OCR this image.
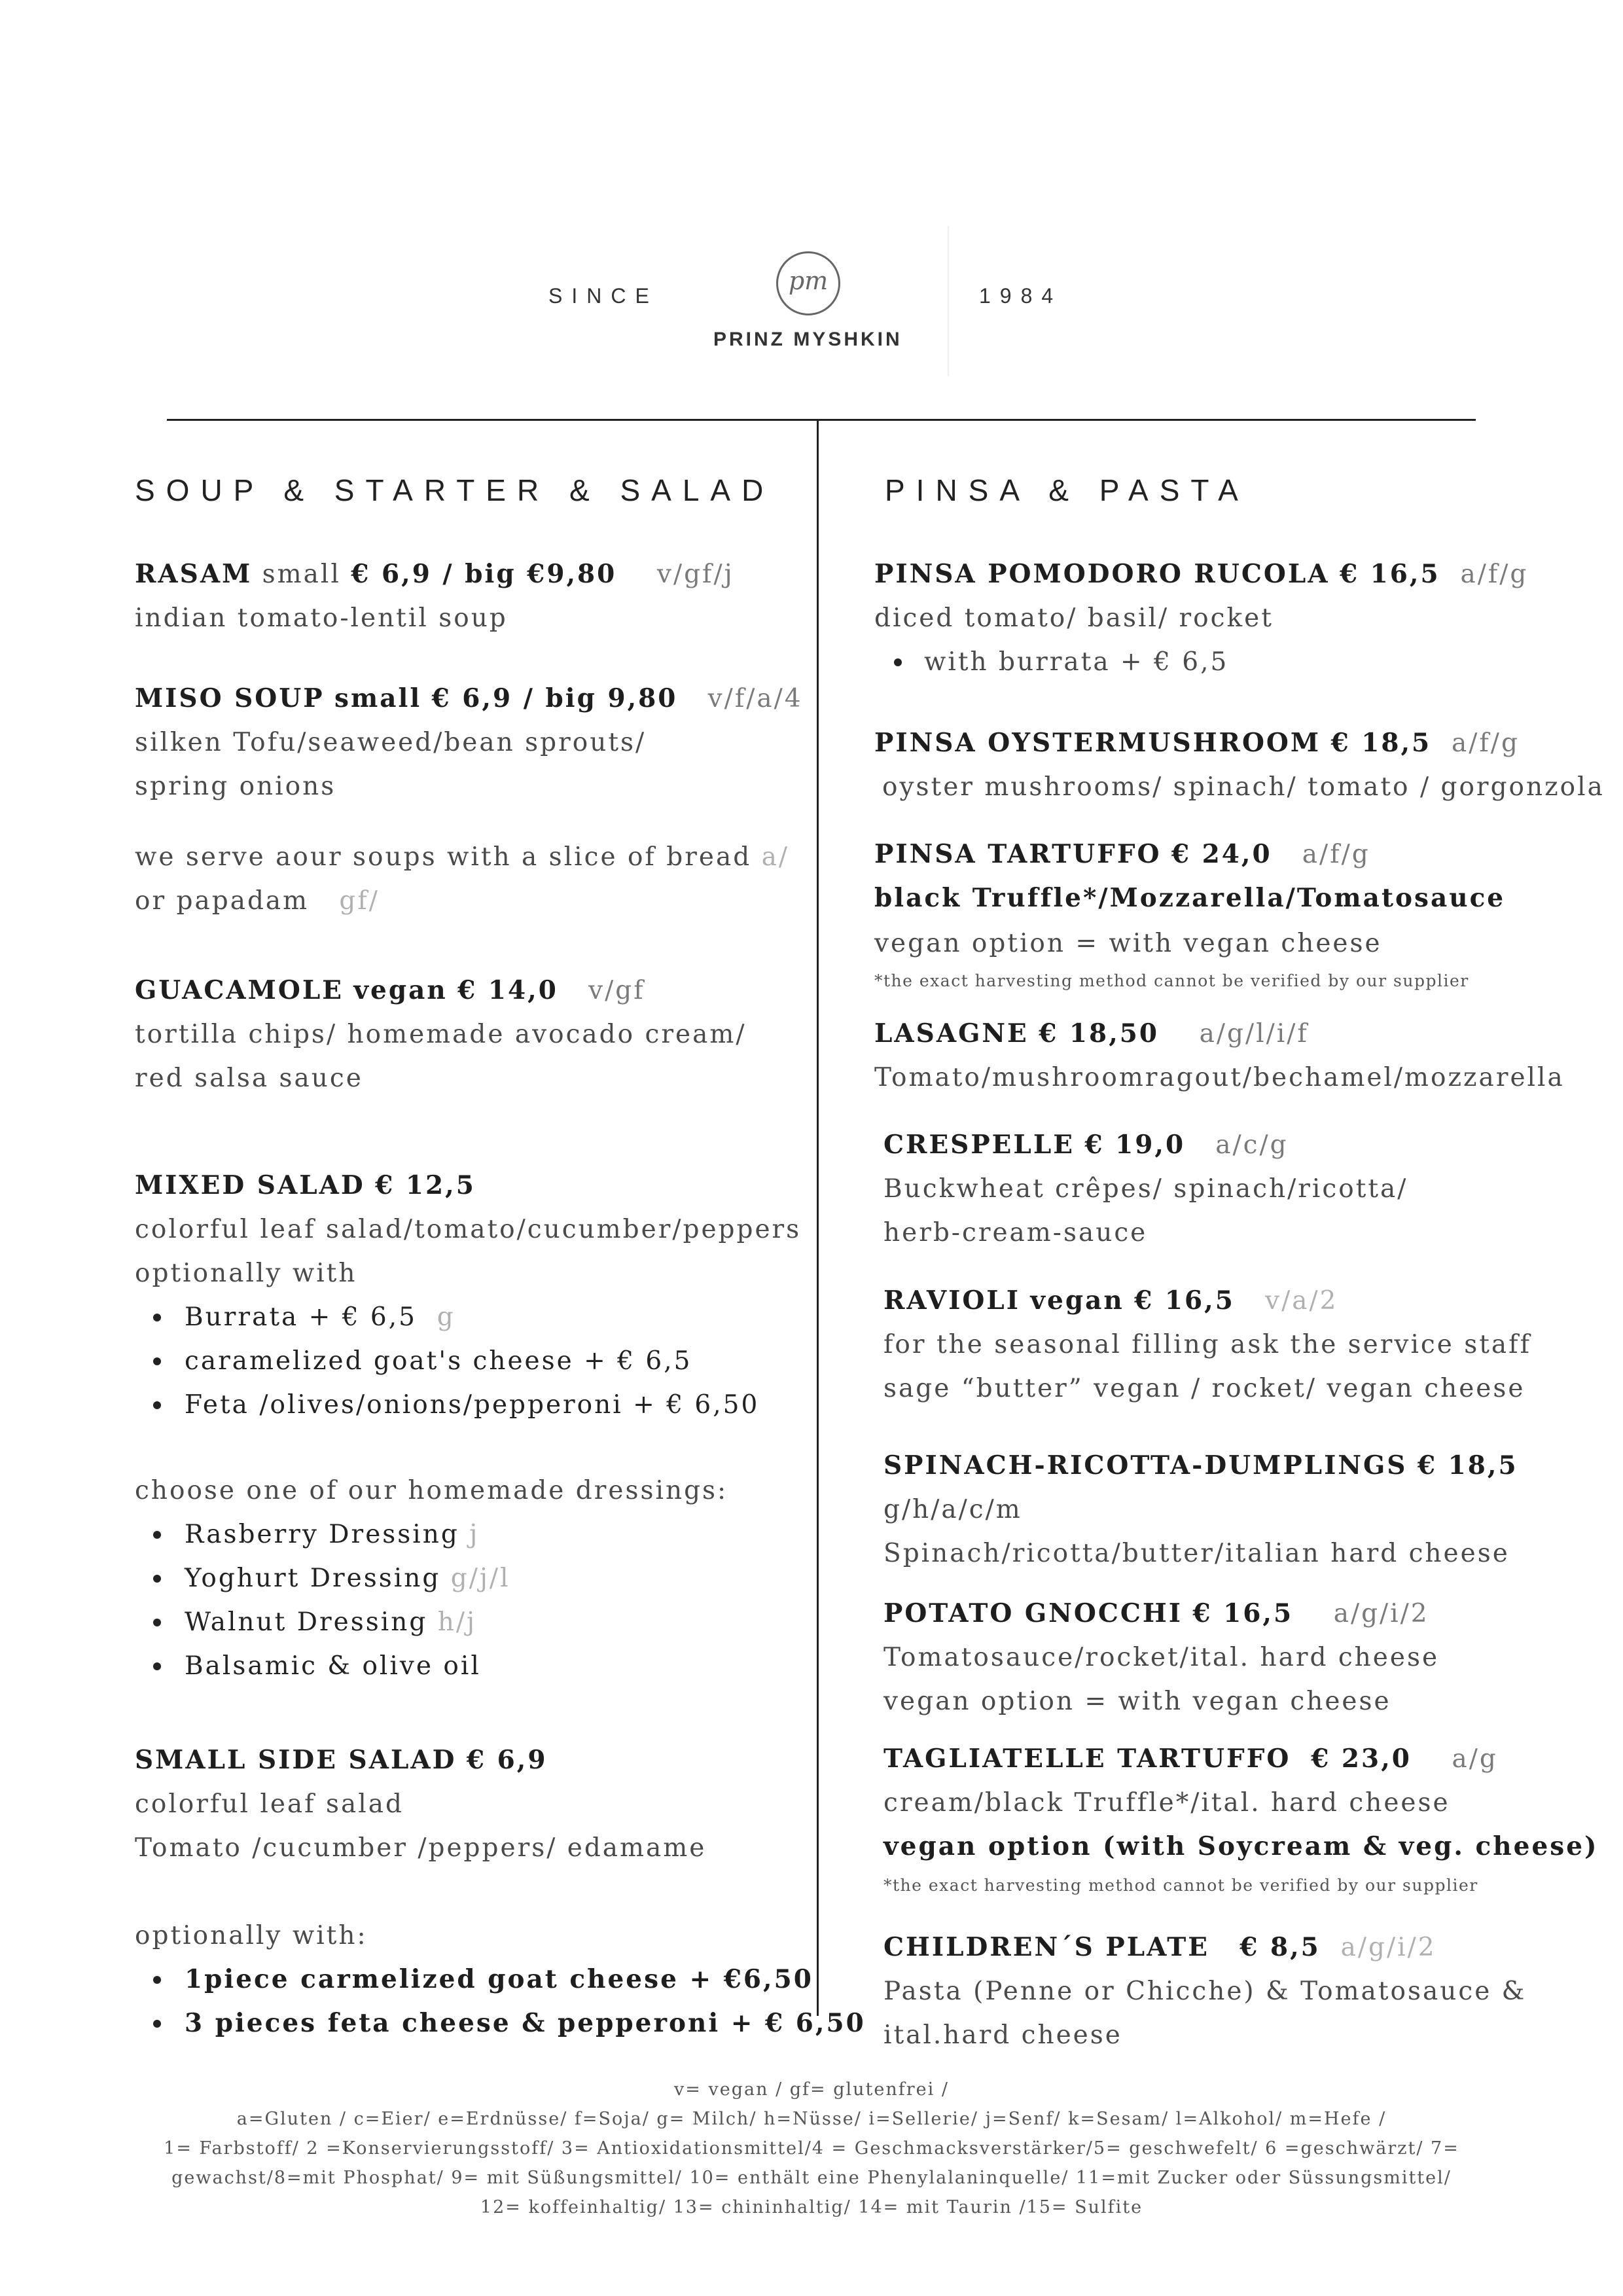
SINCE
pm
1984
PRINZ MYSHKIN
SOUP & STARTER & SALAD
RASAM small € 6,9 / big €9,80 v/gf/j
indian tomato-lentil soup
MISO SOUP small € 6,9 / big 9,80 v/f/a/4
silken Tofu/seaweed/bean sprouts/
spring onions
we serve aour soups with a slice of bread a/
or papadam gf/
GUACAMOLE vegan € 14,0 v/gf
tortilla chips/ homemade avocado cream/
red salsa sauce
MIXED SALAD € 12,5
colorful leaf salad/tomato/cucumber/peppers
optionally with
Burrata + € 6,5 g
caramelized goat's cheese + € 6,5
Feta /olives/onions/pepperoni + € 6,50
choose one of our homemade dressings:
Rasberry Dressing j
Yoghurt Dressing g/j/l
Walnut Dressing h/j
Balsamic & olive oil
SMALL SIDE SALAD € 6,9
colorful leaf salad
Tomato /cucumber /peppers/ edamame
optionally with:
1piece carmelized goat cheese + €6,50
3 pieces feta cheese & pepperoni + € 6,50
PINSA & PASTA
PINSA POMODORO RUCOLA € 16,5 a/f/g
diced tomato/ basil/ rocket
with burrata + € 6,5
PINSA OYSTERMUSHROOM € 18,5 a/f/g
oyster mushrooms/ spinach/ tomato / gorgonzola
PINSA TARTUFFO € 24,0 a/f/g
black Truffle*/Mozzarella/Tomatosauce
vegan option = with vegan cheese
*the exact harvesting method cannot be verified by our supplier
LASAGNE € 18,50 a/g/l/i/f
Tomato/mushroomragout/bechamel/mozzarella
CRESPELLE € 19,0 a/c/g
Buckwheat crêpes/ spinach/ricotta/
herb-cream-sauce
RAVIOLI vegan € 16,5 v/a/2
for the seasonal filling ask the service staff
sage “butter” vegan / rocket/ vegan cheese
SPINACH-RICOTTA-DUMPLINGS € 18,5
g/h/a/c/m
Spinach/ricotta/butter/italian hard cheese
POTATO GNOCCHI € 16,5 a/g/i/2
Tomatosauce/rocket/ital. hard cheese
vegan option = with vegan cheese
TAGLIATELLE TARTUFFO € 23,0 a/g
cream/black Truffle*/ital. hard cheese
vegan option (with Soycream & veg. cheese)
*the exact harvesting method cannot be verified by our supplier
CHILDREN´S PLATE € 8,5 a/g/i/2
Pasta (Penne or Chicche) & Tomatosauce &
ital.hard cheese
v= vegan / gf= glutenfrei /
a=Gluten / c=Eier/ e=Erdnüsse/ f=Soja/ g= Milch/ h=Nüsse/ i=Sellerie/ j=Senf/ k=Sesam/ l=Alkohol/ m=Hefe /
1= Farbstoff/ 2 =Konservierungsstoff/ 3= Antioxidationsmittel/4 = Geschmacksverstärker/5= geschwefelt/ 6 =geschwärzt/ 7=
gewachst/8=mit Phosphat/ 9= mit Süßungsmittel/ 10= enthält eine Phenylalaninquelle/ 11=mit Zucker oder Süssungsmittel/
12= koffeinhaltig/ 13= chininhaltig/ 14= mit Taurin /15= Sulfite
